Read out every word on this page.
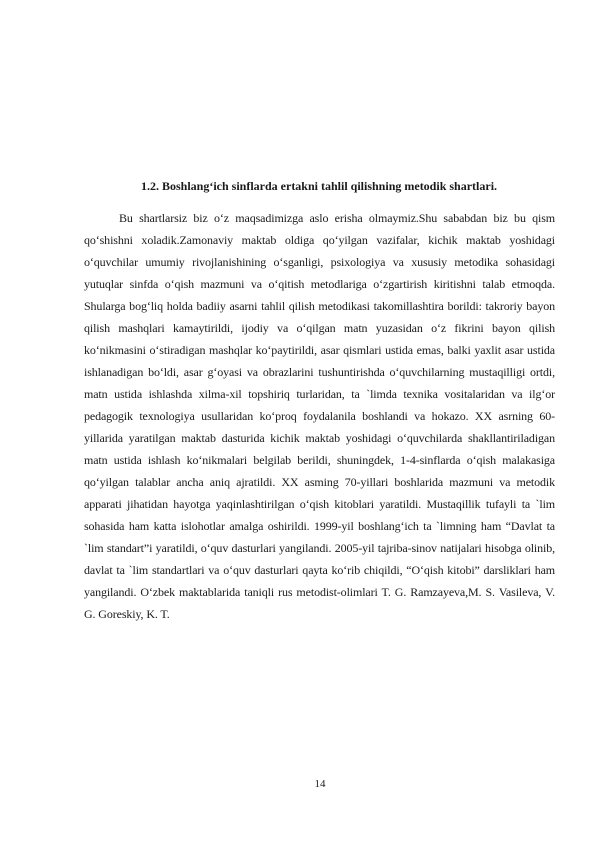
1.2. Boshlang‘ich sinflarda ertakni tahlil qilishning metodik shartlari.

Bu shartlarsiz biz o‘z maqsadimizga aslo erisha olmaymiz.Shu sababdan biz bu qism qo‘shishni xoladik.Zamonaviy maktab oldiga qo‘yilgan vazifalar, kichik maktab yoshidagi o‘quvchilar umumiy rivojlanishining o‘sganligi, psixologiya va xususiy metodika sohasidagi yutuqlar sinfda o‘qish mazmuni va o‘qitish metodlariga o‘zgartirish kiritishni talab etmoqda. Shularga bog‘liq holda badiiy asarni tahlil qilish metodikasi takomillashtira borildi: takroriy bayon qilish mashqlari kamaytirildi, ijodiy va o‘qilgan matn yuzasidan o‘z fikrini bayon qilish ko‘nikmasini o‘stiradigan mashqlar ko‘paytirildi, asar qismlari ustida emas, balki yaxlit asar ustida ishlanadigan bo‘ldi, asar g‘oyasi va obrazlarini tushuntirishda o‘quvchilarning mustaqilligi ortdi, matn ustida ishlashda xilma-xil topshiriq turlaridan, ta `limda texnika vositalaridan va ilg‘or pedagogik texnologiya usullaridan ko‘proq foydalanila boshlandi va hokazo. XX asrning 60-yillarida yaratilgan maktab dasturida kichik maktab yoshidagi o‘quvchilarda shakllantiriladigan matn ustida ishlash ko‘nikmalari belgilab berildi, shuningdek, 1-4-sinflarda o‘qish malakasiga qo‘yilgan talablar ancha aniq ajratildi. XX asming 70-yillari boshlarida mazmuni va metodik apparati jihatidan hayotga yaqinlashtirilgan o‘qish kitoblari yaratildi. Mustaqillik tufayli ta `lim sohasida ham katta islohotlar amalga oshirildi. 1999-yil boshlang‘ich ta `limning ham “Davlat ta `lim standart”i yaratildi, o‘quv dasturlari yangilandi. 2005-yil tajriba-sinov natijalari hisobga olinib, davlat ta `lim standartlari va o‘quv dasturlari qayta ko‘rib chiqildi, “O‘qish kitobi” darsliklari ham yangilandi. O‘zbek maktablarida taniqli rus metodist-olimlari T. G. Ramzayeva,M. S. Vasileva, V. G. Goreskiy, K. T.

14
